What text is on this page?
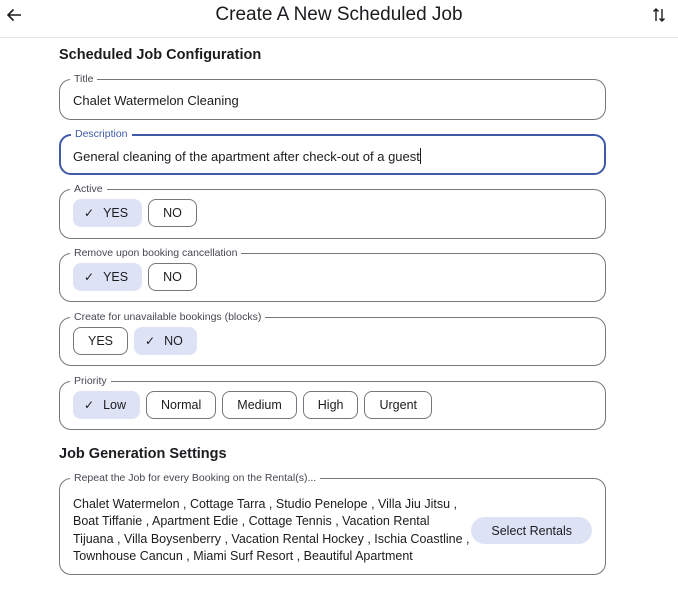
Create A New Scheduled Job
Scheduled Job Configuration
Title
Chalet Watermelon Cleaning
Description
General cleaning of the apartment after check-out of a guest
Active
✓ YES	NO
Remove upon booking cancellation
✓ YES	NO
Create for unavailable bookings (blocks)
YES	✓ NO
Priority
✓ Low	Normal	Medium	High	Urgent
Job Generation Settings
Repeat the Job for every Booking on the Rental(s)...
Chalet Watermelon , Cottage Tarra , Studio Penelope , Villa Jiu Jitsu , Boat Tiffanie , Apartment Edie , Cottage Tennis , Vacation Rental Tijuana , Villa Boysenberry , Vacation Rental Hockey , Ischia Coastline , Townhouse Cancun , Miami Surf Resort , Beautiful Apartment
Select Rentals
